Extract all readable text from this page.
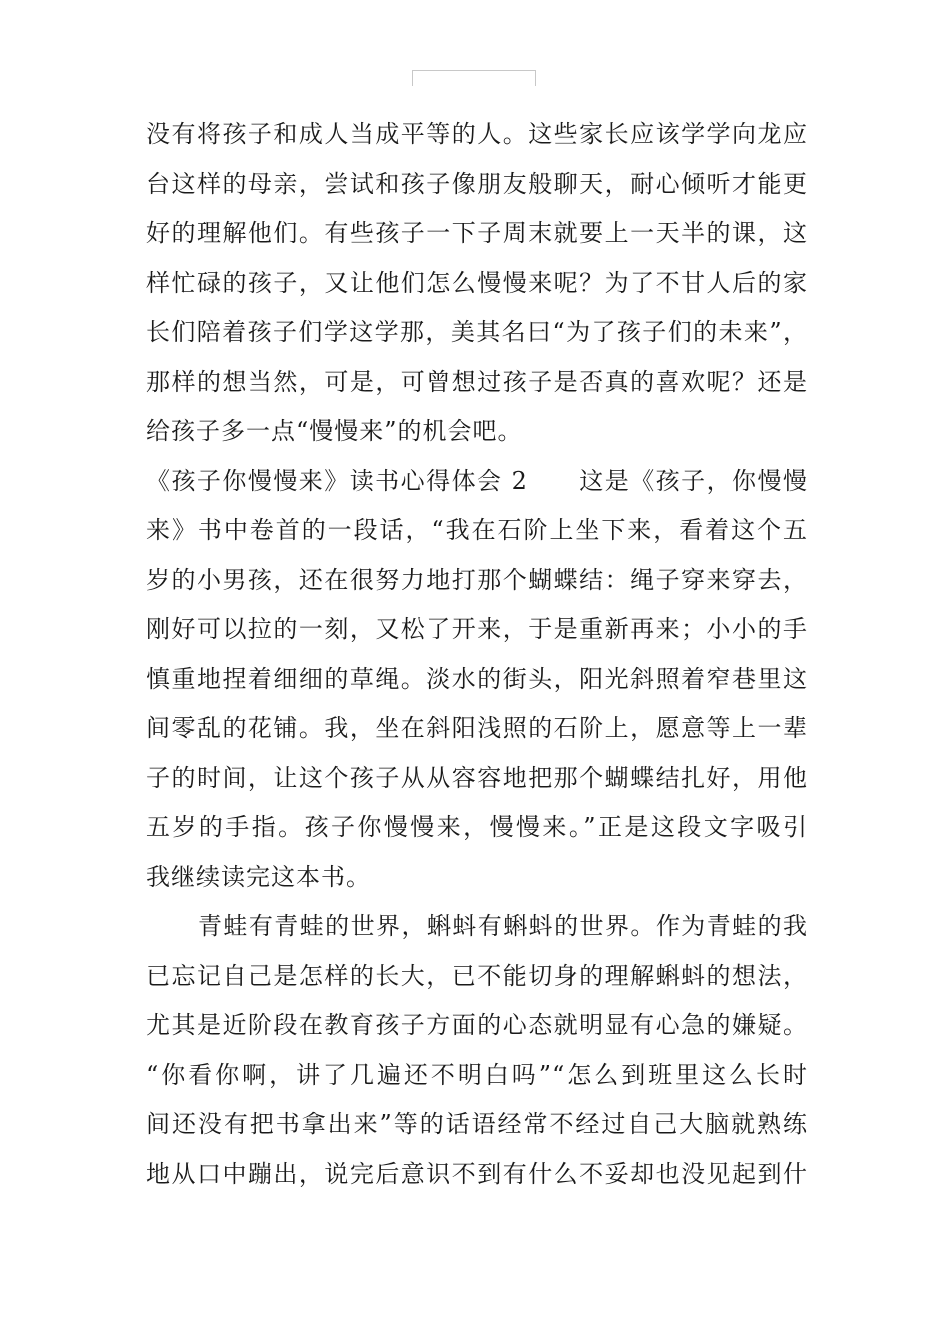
没有将孩子和成人当成平等的人。这些家长应该学学向龙应
台这样的母亲，尝试和孩子像朋友般聊天，耐心倾听才能更
好的理解他们。有些孩子一下子周末就要上一天半的课，这
样忙碌的孩子，又让他们怎么慢慢来呢？为了不甘人后的家
长们陪着孩子们学这学那，美其名曰“为了孩子们的未来”，
那样的想当然，可是，可曾想过孩子是否真的喜欢呢？还是
给孩子多一点“慢慢来”的机会吧。
《孩子你慢慢来》读书心得体会 2　　这是《孩子，你慢慢
来》书中卷首的一段话，“我在石阶上坐下来，看着这个五
岁的小男孩，还在很努力地打那个蝴蝶结：绳子穿来穿去，
刚好可以拉的一刻，又松了开来，于是重新再来；小小的手
慎重地捏着细细的草绳。淡水的街头，阳光斜照着窄巷里这
间零乱的花铺。我，坐在斜阳浅照的石阶上，愿意等上一辈
子的时间，让这个孩子从从容容地把那个蝴蝶结扎好，用他
五岁的手指。孩子你慢慢来，慢慢来。”正是这段文字吸引
我继续读完这本书。
青蛙有青蛙的世界，蝌蚪有蝌蚪的世界。作为青蛙的我
已忘记自己是怎样的长大，已不能切身的理解蝌蚪的想法，
尤其是近阶段在教育孩子方面的心态就明显有心急的嫌疑。
“你看你啊，讲了几遍还不明白吗”“怎么到班里这么长时
间还没有把书拿出来”等的话语经常不经过自己大脑就熟练
地从口中蹦出，说完后意识不到有什么不妥却也没见起到什
